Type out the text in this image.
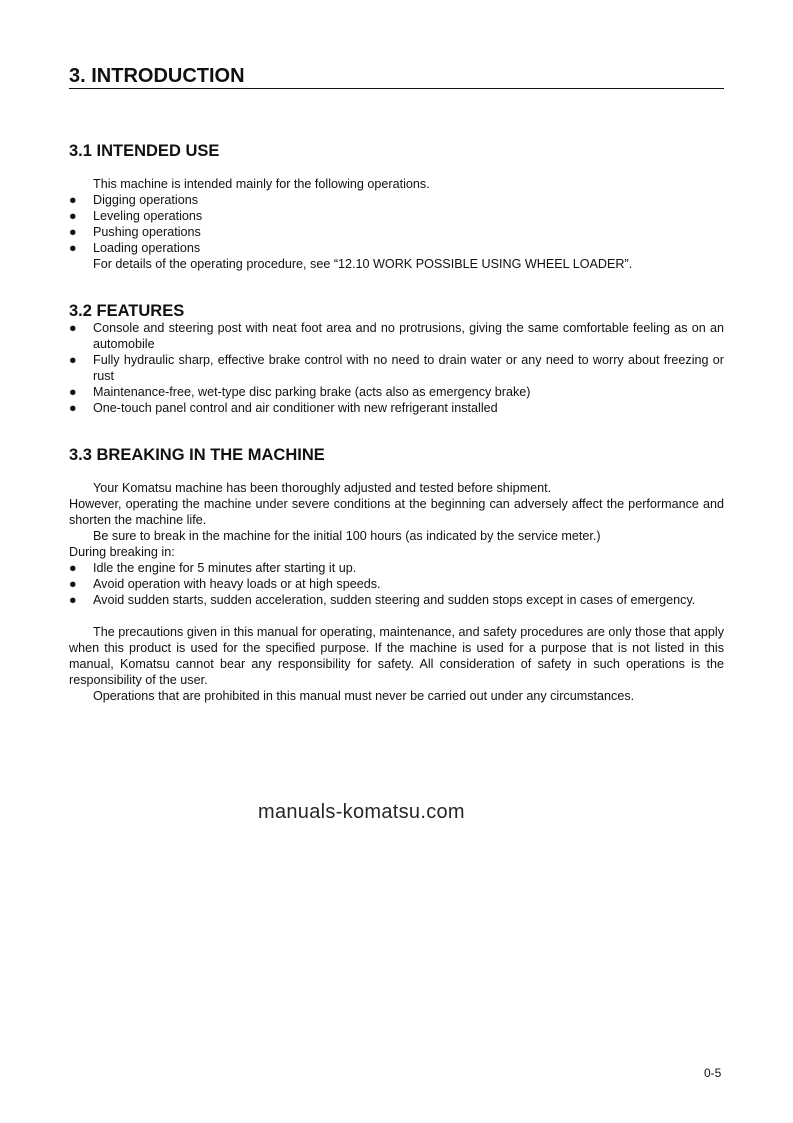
3. INTRODUCTION
3.1 INTENDED USE
This machine is intended mainly for the following operations.
● Digging operations
● Leveling operations
● Pushing operations
● Loading operations
For details of the operating procedure, see “12.10 WORK POSSIBLE USING WHEEL LOADER”.
3.2 FEATURES
● Console and steering post with neat foot area and no protrusions, giving the same comfortable feeling as on an automobile
● Fully hydraulic sharp, effective brake control with no need to drain water or any need to worry about freezing or rust
● Maintenance-free, wet-type disc parking brake (acts also as emergency brake)
● One-touch panel control and air conditioner with new refrigerant installed
3.3 BREAKING IN THE MACHINE
Your Komatsu machine has been thoroughly adjusted and tested before shipment.
However, operating the machine under severe conditions at the beginning can adversely affect the performance and shorten the machine life.
Be sure to break in the machine for the initial 100 hours (as indicated by the service meter.)
During breaking in:
● Idle the engine for 5 minutes after starting it up.
● Avoid operation with heavy loads or at high speeds.
● Avoid sudden starts, sudden acceleration, sudden steering and sudden stops except in cases of emergency.
The precautions given in this manual for operating, maintenance, and safety procedures are only those that apply when this product is used for the specified purpose. If the machine is used for a purpose that is not listed in this manual, Komatsu cannot bear any responsibility for safety. All consideration of safety in such operations is the responsibility of the user.
Operations that are prohibited in this manual must never be carried out under any circumstances.
manuals-komatsu.com
0-5
